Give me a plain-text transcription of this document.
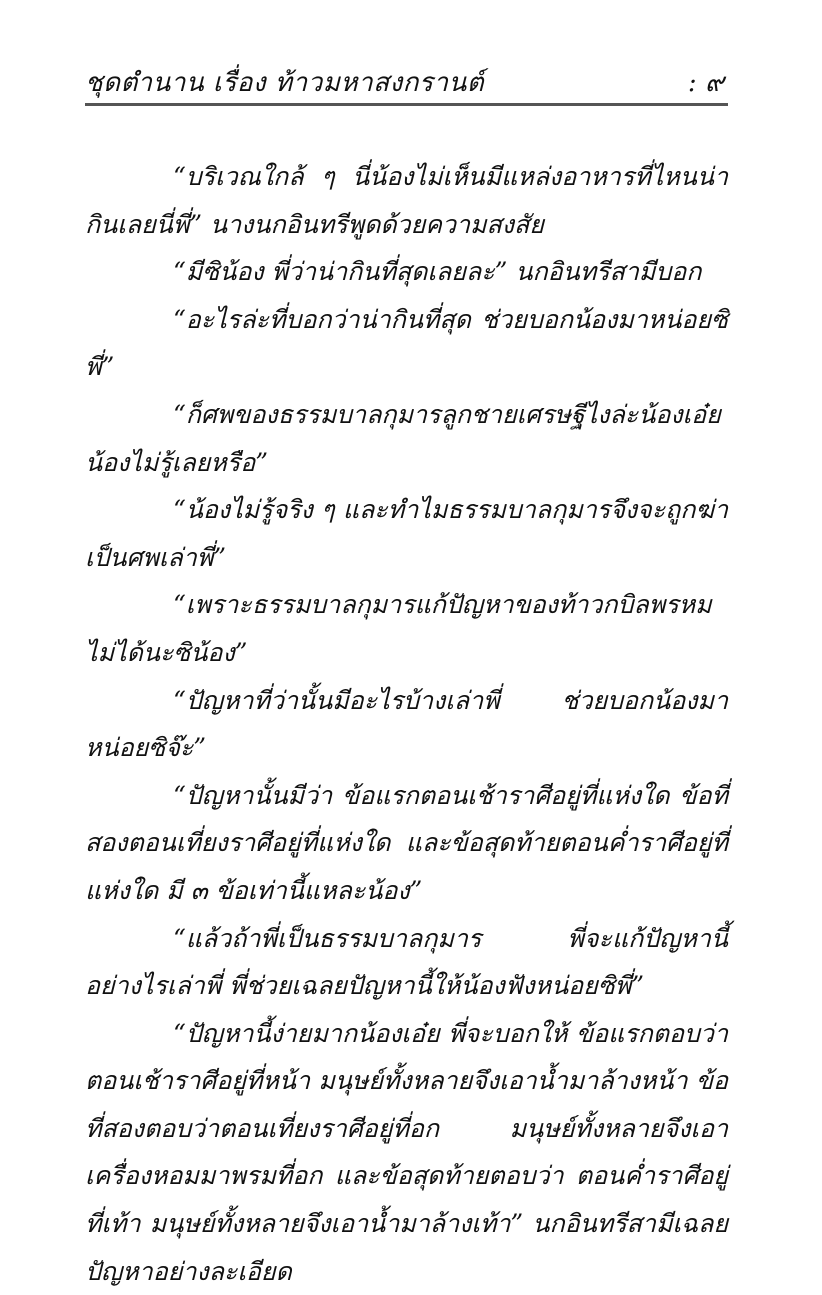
ชุดตำนาน เรื่อง ท้าวมหาสงกรานต์	: ๙

“บริเวณใกล้ ๆ นี่น้องไม่เห็นมีแหล่งอาหารที่ไหนน่ากินเลยนี่พี่” นางนกอินทรีพูดด้วยความสงสัย

“มีซิน้อง พี่ว่าน่ากินที่สุดเลยละ” นกอินทรีสามีบอก

“อะไรล่ะที่บอกว่าน่ากินที่สุด ช่วยบอกน้องมาหน่อยซิพี่”

“ก็ศพของธรรมบาลกุมารลูกชายเศรษฐีไงล่ะน้องเอ๋ย น้องไม่รู้เลยหรือ”

“น้องไม่รู้จริง ๆ และทำไมธรรมบาลกุมารจึงจะถูกฆ่าเป็นศพเล่าพี่”

“เพราะธรรมบาลกุมารแก้ปัญหาของท้าวกบิลพรหมไม่ได้นะซิน้อง”

“ปัญหาที่ว่านั้นมีอะไรบ้างเล่าพี่ ช่วยบอกน้องมาหน่อยซิจ๊ะ”

“ปัญหานั้นมีว่า ข้อแรกตอนเช้าราศีอยู่ที่แห่งใด ข้อที่สองตอนเที่ยงราศีอยู่ที่แห่งใด และข้อสุดท้ายตอนค่ำราศีอยู่ที่แห่งใด มี ๓ ข้อเท่านี้แหละน้อง”

“แล้วถ้าพี่เป็นธรรมบาลกุมาร พี่จะแก้ปัญหานี้อย่างไรเล่าพี่ พี่ช่วยเฉลยปัญหานี้ให้น้องฟังหน่อยซิพี่”

“ปัญหานี้ง่ายมากน้องเอ๋ย พี่จะบอกให้ ข้อแรกตอบว่า ตอนเช้าราศีอยู่ที่หน้า มนุษย์ทั้งหลายจึงเอาน้ำมาล้างหน้า ข้อที่สองตอบว่าตอนเที่ยงราศีอยู่ที่อก มนุษย์ทั้งหลายจึงเอาเครื่องหอมมาพรมที่อก และข้อสุดท้ายตอบว่า ตอนค่ำราศีอยู่ที่เท้า มนุษย์ทั้งหลายจึงเอาน้ำมาล้างเท้า” นกอินทรีสามีเฉลยปัญหาอย่างละเอียด
